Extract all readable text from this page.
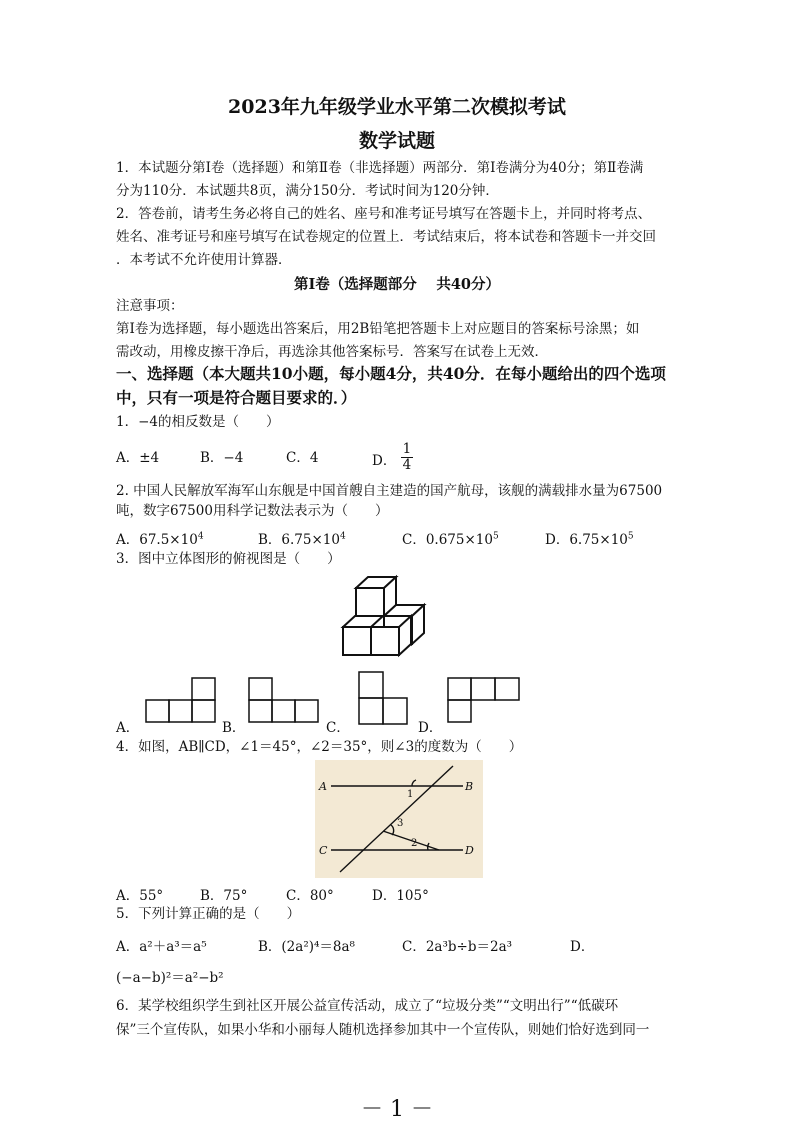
2023年九年级学业水平第二次模拟考试
数学试题
1．本试题分第Ⅰ卷（选择题）和第Ⅱ卷（非选择题）两部分．第Ⅰ卷满分为40分；第Ⅱ卷满
分为110分．本试题共8页，满分150分．考试时间为120分钟．
2．答卷前，请考生务必将自己的姓名、座号和准考证号填写在答题卡上，并同时将考点、
姓名、准考证号和座号填写在试卷规定的位置上．考试结束后，将本试卷和答题卡一并交回
．本考试不允许使用计算器．
第Ⅰ卷（选择题部分　 共40分）
注意事项：
第Ⅰ卷为选择题，每小题选出答案后，用2B铅笔把答题卡上对应题目的答案标号涂黑；如
需改动，用橡皮擦干净后，再选涂其他答案标号．答案写在试卷上无效．
一、选择题（本大题共10小题，每小题4分，共40分．在每小题给出的四个选项
中，只有一项是符合题目要求的．）
1．−4的相反数是（　　）
A．±4	B．−4	C．4	D． $\frac{1}{4}$
2. 中国人民解放军海军山东舰是中国首艘自主建造的国产航母，该舰的满载排水量为67500
吨，数字67500用科学记数法表示为（　　）
A．$67.5\times 10^4$	B．$6.75\times 10^4$	C．$0.675\times 10^5$	D．$6.75\times 10^5$
3．图中立体图形的俯视图是（　　）
A．	B．	C．	D．
4．如图，AB∥CD，∠1＝45°，∠2＝35°，则∠3的度数为（　　）
A	B
C	D
1
2
3
A．55°	B．75°	C．80°	D．105°
5．下列计算正确的是（　　）
A．a²＋a³＝a⁵	B．(2a²)⁴＝8a⁸	C．2a³b÷b＝2a³	D．
(−a−b)²＝a²−b²
6．某学校组织学生到社区开展公益宣传活动，成立了“垃圾分类”“文明出行”“低碳环
保”三个宣传队，如果小华和小丽每人随机选择参加其中一个宣传队，则她们恰好选到同一
－ 1 －
